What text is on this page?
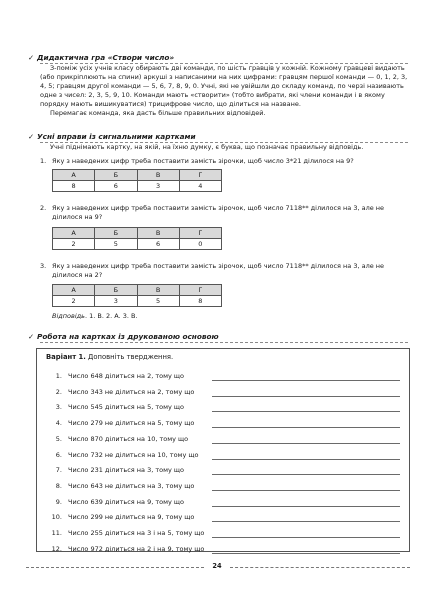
✓ Дидактична гра «Створи число»

З-поміж усіх учнів класу обирають дві команди, по шість гравців у кожній. Кожному гравцеві видають (або прикріплюють на спини) аркуші з написаними на них цифрами: гравцям першої команди — 0, 1, 2, 3, 4, 5; гравцям другої команди — 5, 6, 7, 8, 9, 0. Учні, які не увійшли до складу команд, по черзі називають одне з чисел: 2, 3, 5, 9, 10. Команди мають «створити» (тобто вибрати, які члени команди і в якому порядку мають вишикуватися) трицифрове число, що ділиться на назване.

Перемагає команда, яка дасть більше правильних відповідей.

✓ Усні вправи із сигнальними картками

Учні піднімають картку, на якій, на їхню думку, є буква, що позначає правильну відповідь.

1. Яку з наведених цифр треба поставити замість зірочки, щоб число 3*21 ділилося на 9?
А	Б	В	Г
8	6	3	4
2. Яку з наведених цифр треба поставити замість зірочок, щоб число 7118** ділилося на 3, але не ділилося на 9?
А	Б	В	Г
2	5	6	0
3. Яку з наведених цифр треба поставити замість зірочок, щоб число 7118** ділилося на 3, але не ділилося на 2?
А	Б	В	Г
2	3	5	8
Відповідь. 1. В. 2. А. 3. В.
✓ Робота на картках із друкованою основою
Варіант 1. Доповніть твердження.
1. Число 648 ділиться на 2, тому що
2. Число 343 не ділиться на 2, тому що
3. Число 545 ділиться на 5, тому що
4. Число 279 не ділиться на 5, тому що
5. Число 870 ділиться на 10, тому що
6. Число 732 не ділиться на 10, тому що
7. Число 231 ділиться на 3, тому що
8. Число 643 не ділиться на 3, тому що
9. Число 639 ділиться на 9, тому що
10. Число 299 не ділиться на 9, тому що
11. Число 255 ділиться на 3 і на 5, тому що
12. Число 972 ділиться на 2 і на 9, тому що
24
